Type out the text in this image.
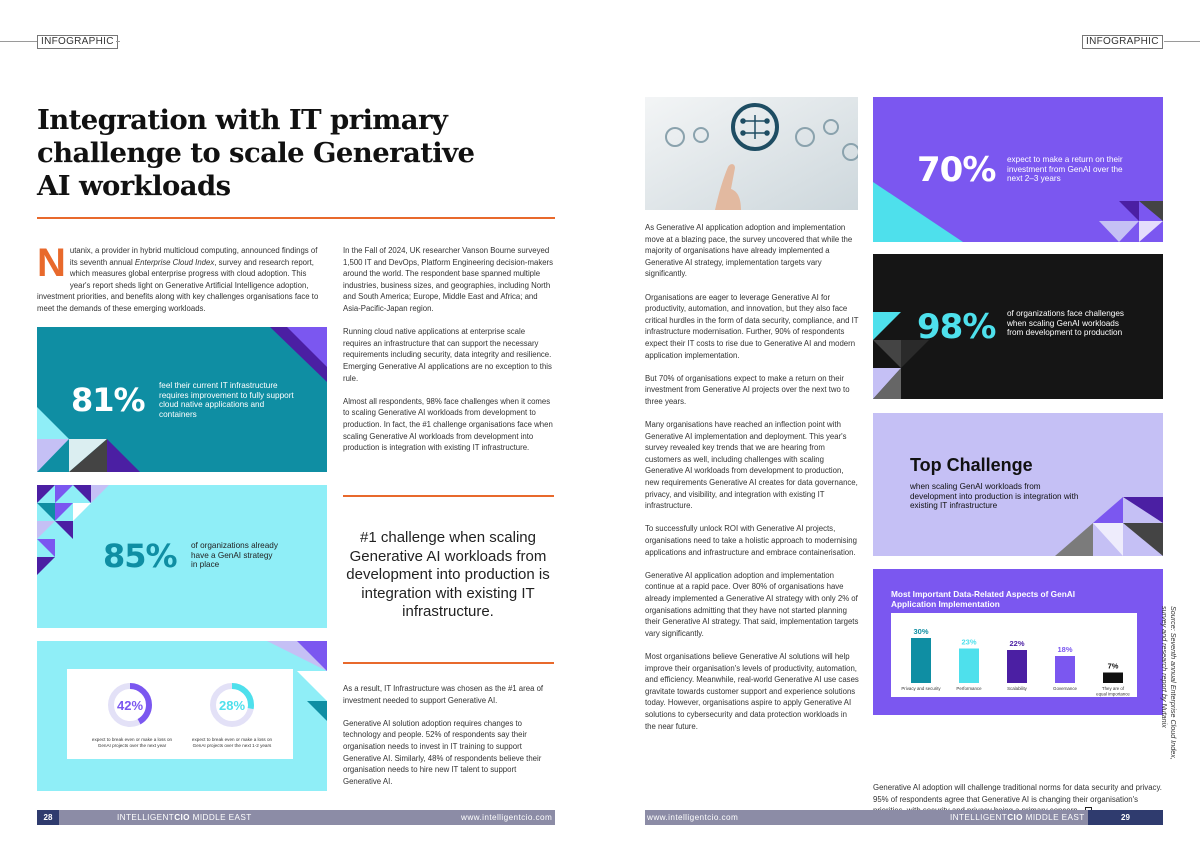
INFOGRAPHIC	INFOGRAPHIC
Integration with IT primary
challenge to scale Generative
AI workloads
Nutanix, a provider in hybrid multicloud computing, announced findings of its seventh annual Enterprise Cloud Index, survey and research report, which measures global enterprise progress with cloud adoption. This year's report sheds light on Generative Artificial Intelligence adoption, investment priorities, and benefits along with key challenges organisations face to meet the demands of these emerging workloads.
81% feel their current IT infrastructure requires improvement to fully support cloud native applications and containers
85% of organizations already have a GenAI strategy in place
42%	28%
expect to break even or make a loss on GenAI projects over the next year
expect to break even or make a loss on GenAI projects over the next 1-2 years

In the Fall of 2024, UK researcher Vanson Bourne surveyed 1,500 IT and DevOps, Platform Engineering decision-makers around the world. The respondent base spanned multiple industries, business sizes, and geographies, including North and South America; Europe, Middle East and Africa; and Asia-Pacific-Japan region.

Running cloud native applications at enterprise scale requires an infrastructure that can support the necessary requirements including security, data integrity and resilience. Emerging Generative AI applications are no exception to this rule.

Almost all respondents, 98% face challenges when it comes to scaling Generative AI workloads from development to production. In fact, the #1 challenge organisations face when scaling Generative AI workloads from development into production is integration with existing IT infrastructure.

#1 challenge when scaling Generative AI workloads from development into production is integration with existing IT infrastructure.

As a result, IT Infrastructure was chosen as the #1 area of investment needed to support Generative AI.

Generative AI solution adoption requires changes to technology and people. 52% of respondents say their organisation needs to invest in IT training to support Generative AI. Similarly, 48% of respondents believe their organisation needs to hire new IT talent to support Generative AI.

As Generative AI application adoption and implementation move at a blazing pace, the survey uncovered that while the majority of organisations have already implemented a Generative AI strategy, implementation targets vary significantly.

Organisations are eager to leverage Generative AI for productivity, automation, and innovation, but they also face critical hurdles in the form of data security, compliance, and IT infrastructure modernisation. Further, 90% of respondents expect their IT costs to rise due to Generative AI and modern application implementation.

But 70% of organisations expect to make a return on their investment from Generative AI projects over the next two to three years.

Many organisations have reached an inflection point with Generative AI implementation and deployment. This year's survey revealed key trends that we are hearing from customers as well, including challenges with scaling Generative AI workloads from development to production, new requirements Generative AI creates for data governance, privacy, and visibility, and integration with existing IT infrastructure.

To successfully unlock ROI with Generative AI projects, organisations need to take a holistic approach to modernising applications and infrastructure and embrace containerisation.

Generative AI application adoption and implementation continue at a rapid pace. Over 80% of organisations have already implemented a Generative AI strategy with only 2% of organisations admitting that they have not started planning their Generative AI strategy. That said, implementation targets vary significantly.

Most organisations believe Generative AI solutions will help improve their organisation's levels of productivity, automation, and efficiency. Meanwhile, real-world Generative AI use cases gravitate towards customer support and experience solutions today. However, organisations aspire to apply Generative AI solutions to cybersecurity and data protection workloads in the near future.

70% expect to make a return on their investment from GenAI over the next 2–3 years
98% of organizations face challenges when scaling GenAI workloads from development to production
Top Challenge
when scaling GenAI workloads from development into production is integration with existing IT infrastructure
Most Important Data-Related Aspects of GenAI Application Implementation
30%
Privacy and security
23%
Performance
22%
Scalability
18%
Governance
7%
They are of
equal importance	Source: Seventh annual Enterprise Cloud Index, survey and research report by Nutanix
Generative AI adoption will challenge traditional norms for data security and privacy. 95% of respondents agree that Generative AI is changing their organisation's
28	INTELLIGENTCIO MIDDLE EAST	www.intelligentcio.com	www.intelligentcio.com	INTELLIGENTCIO MIDDLE EAST	29
